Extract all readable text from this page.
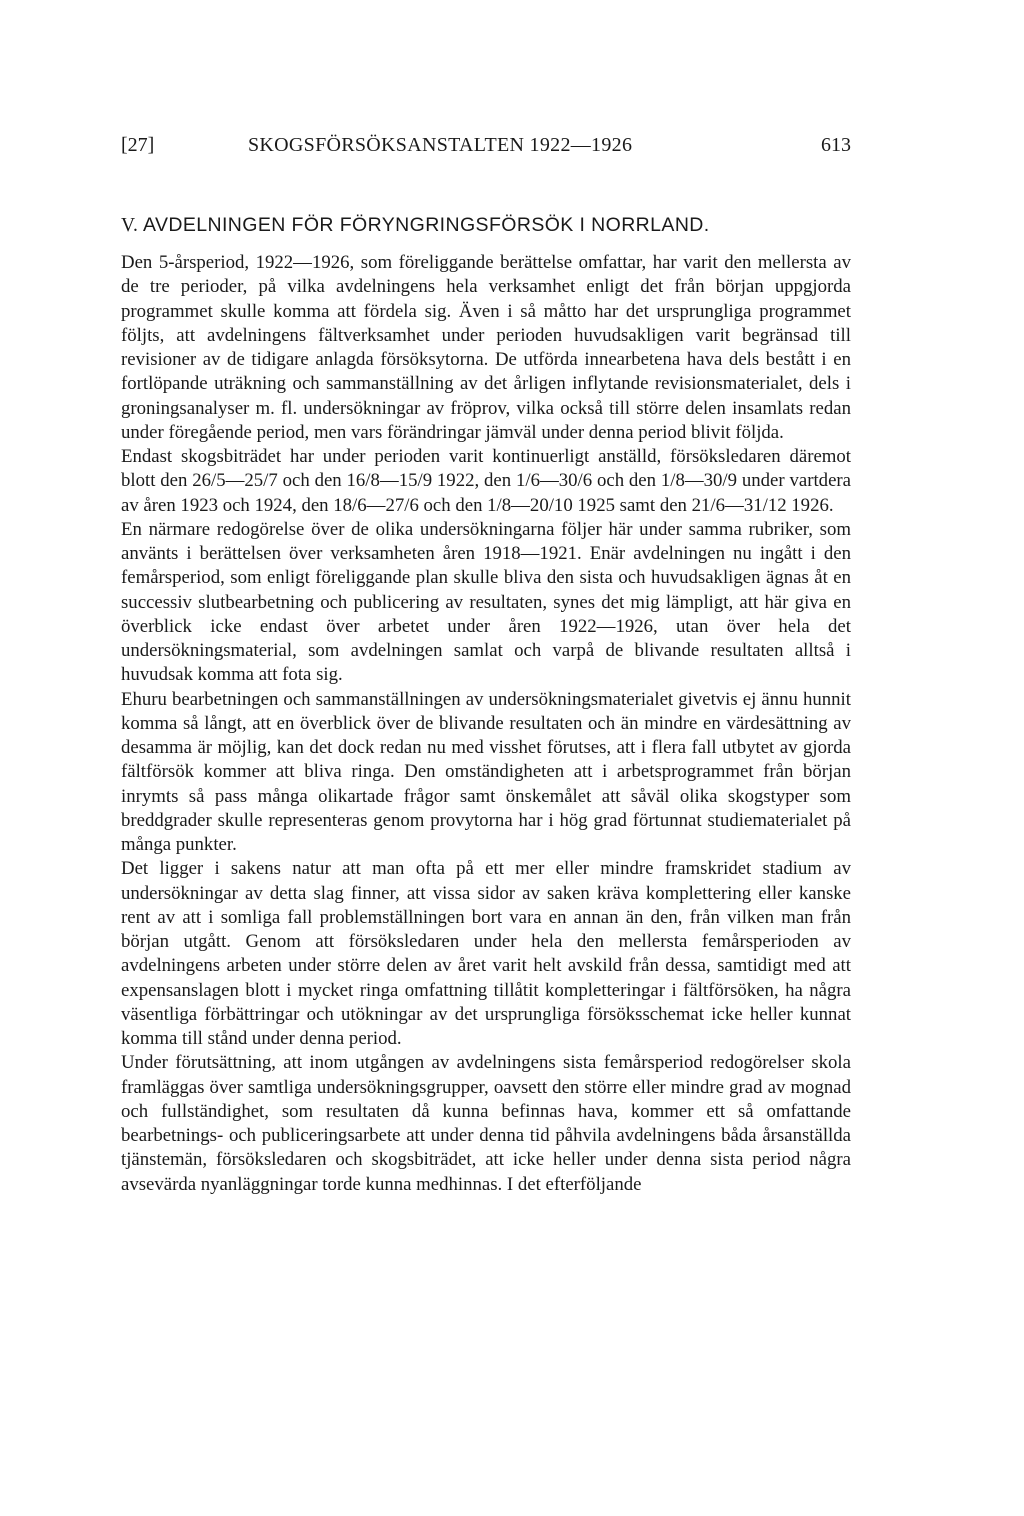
[27]	SKOGSFÖRSÖKSANSTALTEN 1922—1926	613
V. AVDELNINGEN FÖR FÖRYNGRINGSFÖRSÖK I NORRLAND.

Den 5-årsperiod, 1922—1926, som föreliggande berättelse omfattar, har varit den mellersta av de tre perioder, på vilka avdelningens hela verksamhet enligt det från början uppgjorda programmet skulle komma att fördela sig. Även i så måtto har det ursprungliga programmet följts, att avdelningens fältverksamhet under perioden huvudsakligen varit begränsad till revisioner av de tidigare anlagda försöksytorna. De utförda innearbetena hava dels bestått i en fortlöpande uträkning och sammanställning av det årligen inflytande revisionsmaterialet, dels i groningsanalyser m. fl. undersökningar av fröprov, vilka också till större delen insamlats redan under föregående period, men vars förändringar jämväl under denna period blivit följda.

Endast skogsbiträdet har under perioden varit kontinuerligt anställd, försöksledaren däremot blott den 26/5—25/7 och den 16/8—15/9 1922, den 1/6—30/6 och den 1/8—30/9 under vartdera av åren 1923 och 1924, den 18/6—27/6 och den 1/8—20/10 1925 samt den 21/6—31/12 1926.

En närmare redogörelse över de olika undersökningarna följer här under samma rubriker, som använts i berättelsen över verksamheten åren 1918—1921. Enär avdelningen nu ingått i den femårsperiod, som enligt föreliggande plan skulle bliva den sista och huvudsakligen ägnas åt en successiv slutbearbetning och publicering av resultaten, synes det mig lämpligt, att här giva en överblick icke endast över arbetet under åren 1922—1926, utan över hela det undersökningsmaterial, som avdelningen samlat och varpå de blivande resultaten alltså i huvudsak komma att fota sig.

Ehuru bearbetningen och sammanställningen av undersökningsmaterialet givetvis ej ännu hunnit komma så långt, att en överblick över de blivande resultaten och än mindre en värdesättning av desamma är möjlig, kan det dock redan nu med visshet förutses, att i flera fall utbytet av gjorda fältförsök kommer att bliva ringa. Den omständigheten att i arbetsprogrammet från början inrymts så pass många olikartade frågor samt önskemålet att såväl olika skogstyper som breddgrader skulle representeras genom provytorna har i hög grad förtunnat studiematerialet på många punkter.

Det ligger i sakens natur att man ofta på ett mer eller mindre framskridet stadium av undersökningar av detta slag finner, att vissa sidor av saken kräva komplettering eller kanske rent av att i somliga fall problemställningen bort vara en annan än den, från vilken man från början utgått. Genom att försöksledaren under hela den mellersta femårsperioden av avdelningens arbeten under större delen av året varit helt avskild från dessa, samtidigt med att expensanslagen blott i mycket ringa omfattning tillåtit kompletteringar i fältförsöken, ha några väsentliga förbättringar och utökningar av det ursprungliga försöksschemat icke heller kunnat komma till stånd under denna period.

Under förutsättning, att inom utgången av avdelningens sista femårsperiod redogörelser skola framläggas över samtliga undersökningsgrupper, oavsett den större eller mindre grad av mognad och fullständighet, som resultaten då kunna befinnas hava, kommer ett så omfattande bearbetnings- och publiceringsarbete att under denna tid påhvila avdelningens båda årsanställda tjänstemän, försöksledaren och skogsbiträdet, att icke heller under denna sista period några avsevärda nyanläggningar torde kunna medhinnas. I det efterföljande
